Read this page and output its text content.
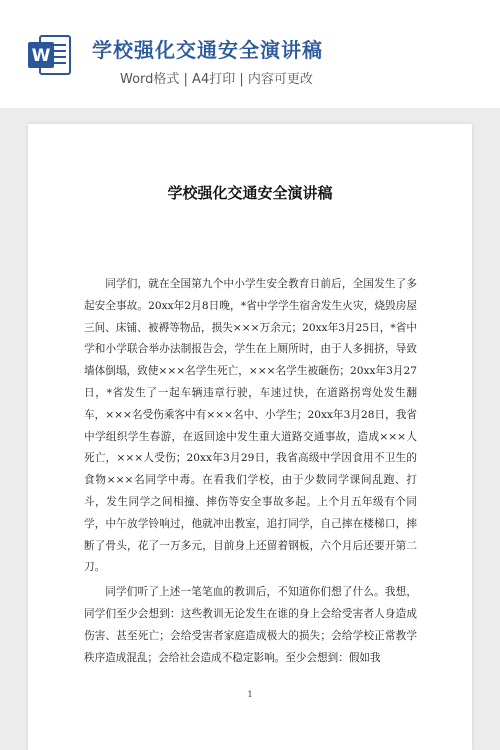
W 学校强化交通安全演讲稿
Word格式 | A4打印 | 内容可更改
学校强化交通安全演讲稿

同学们，就在全国第九个中小学生安全教育日前后，全国发生了多起安全事故。20xx年2月8日晚，*省中学学生宿舍发生火灾，烧毁房屋三间、床铺、被褥等物品，损失×××万余元；20xx年3月25日，*省中学和小学联合举办法制报告会，学生在上厕所时，由于人多拥挤，导致墙体倒塌，致使×××名学生死亡，×××名学生被砸伤；20xx年3月27日，*省发生了一起车辆违章行驶，车速过快，在道路拐弯处发生翻车，×××名受伤乘客中有×××名中、小学生；20xx年3月28日，我省中学组织学生春游，在返回途中发生重大道路交通事故，造成×××人死亡，×××人受伤；20xx年3月29日，我省高级中学因食用不卫生的食物×××名同学中毒。在看我们学校，由于少数同学课间乱跑、打斗，发生同学之间相撞、摔伤等安全事故多起。上个月五年级有个同学，中午放学铃响过，他就冲出教室，追打同学，自己摔在楼梯口，摔断了骨头，花了一万多元，目前身上还留着钢板，六个月后还要开第二刀。

同学们听了上述一笔笔血的教训后，不知道你们想了什么。我想，同学们至少会想到：这些教训无论发生在谁的身上会给受害者人身造成伤害、甚至死亡；会给受害者家庭造成极大的损失；会给学校正常教学秩序造成混乱；会给社会造成不稳定影响。至少会想到：假如我

1
